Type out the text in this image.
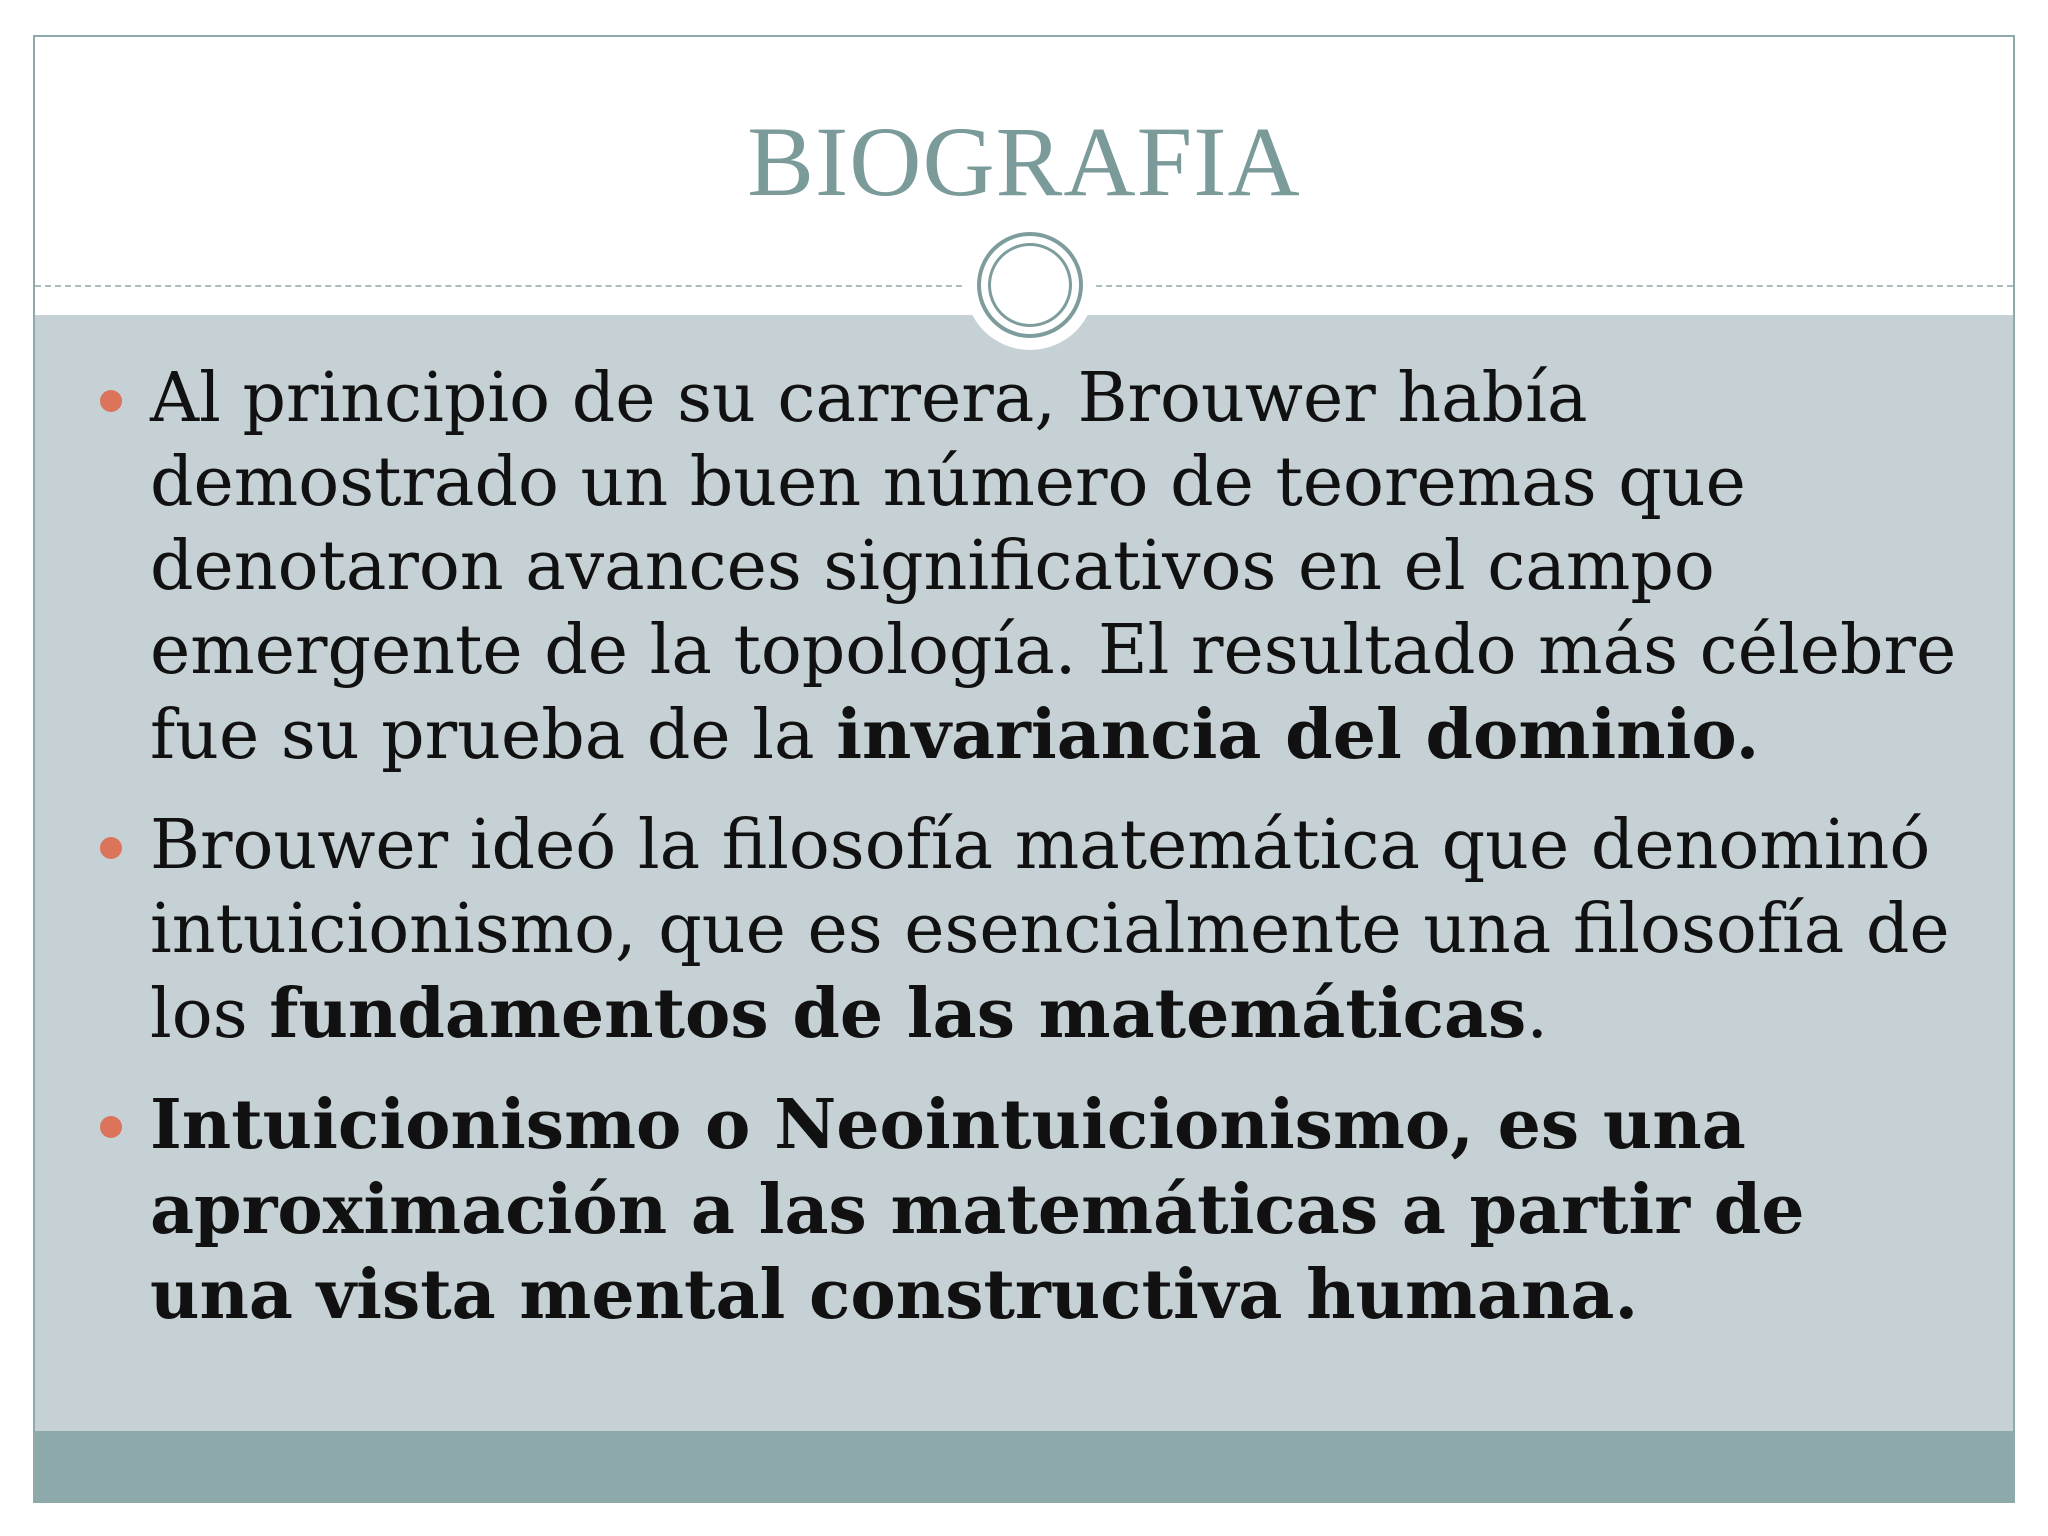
BIOGRAFIA
Al principio de su carrera, Brouwer había demostrado un buen número de teoremas que denotaron avances significativos en el campo emergente de la topología. El resultado más célebre fue su prueba de la invariancia del dominio.
Brouwer ideó la filosofía matemática que denominó intuicionismo, que es esencialmente una filosofía de los fundamentos de las matemáticas.
Intuicionismo o Neointuicionismo, es una aproximación a las matemáticas a partir de una vista mental constructiva humana.
